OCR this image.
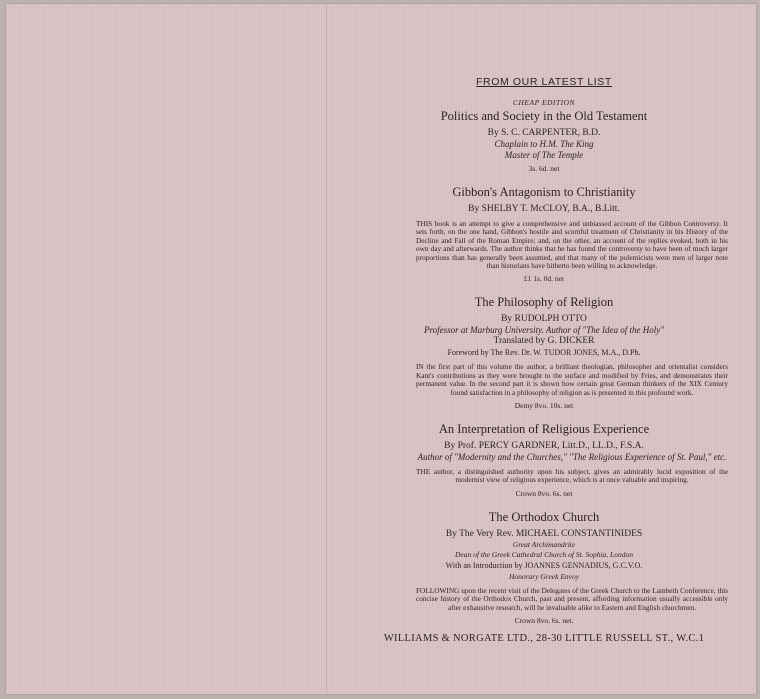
FROM OUR LATEST LIST
CHEAP EDITION
Politics and Society in the Old Testament
By S. C. CARPENTER, B.D.
Chaplain to H.M. The King
Master of The Temple
3s. 6d. net
Gibbon's Antagonism to Christianity
By SHELBY T. McCLOY, B.A., B.Litt.
THIS book is an attempt to give a comprehensive and unbiassed account of the Gibbon Controversy. It sets forth, on the one hand, Gibbon's hostile and scornful treatment of Christianity in his History of the Decline and Fall of the Roman Empire; and, on the other, an account of the replies evoked, both in his own day and afterwards. The author thinks that he has found the controversy to have been of much larger proportions than has generally been assumed, and that many of the polemicists were men of larger note than historians have hitherto been willing to acknowledge.
£1 1s. 0d. net
The Philosophy of Religion
By RUDOLPH OTTO
Professor at Marburg University. Author of "The Idea of the Holy"
Translated by G. DICKER
Foreword by The Rev. Dr. W. TUDOR JONES, M.A., D.Ph.
IN the first part of this volume the author, a brilliant theologian, philosopher and orientalist considers Kant's contributions as they were brought to the surface and modified by Fries, and demonstrates their permanent value. In the second part it is shown how certain great German thinkers of the XIX Century found satisfaction in a philosophy of religion as is presented in this profound work.
Demy 8vo. 10s. net
An Interpretation of Religious Experience
By Prof. PERCY GARDNER, Litt.D., LL.D., F.S.A.
Author of "Modernity and the Churches," "The Religious Experience of St. Paul," etc.
THE author, a distinguished authority upon his subject, gives an admirably lucid exposition of the modernist view of religious experience, which is at once valuable and inspiring.
Crown 8vo. 6s. net
The Orthodox Church
By The Very Rev. MICHAEL CONSTANTINIDES
Great Archimandrite
Dean of the Greek Cathedral Church of St. Sophia, London
With an Introduction by JOANNES GENNADIUS, G.C.V.O.
Honorary Greek Envoy
FOLLOWING upon the recent visit of the Delegates of the Greek Church to the Lambeth Conference, this concise history of the Orthodox Church, past and present, affording information usually accessible only after exhaustive research, will be invaluable alike to Eastern and English churchmen.
Crown 8vo. 6s. net.
WILLIAMS & NORGATE LTD., 28-30 LITTLE RUSSELL ST., W.C.1
